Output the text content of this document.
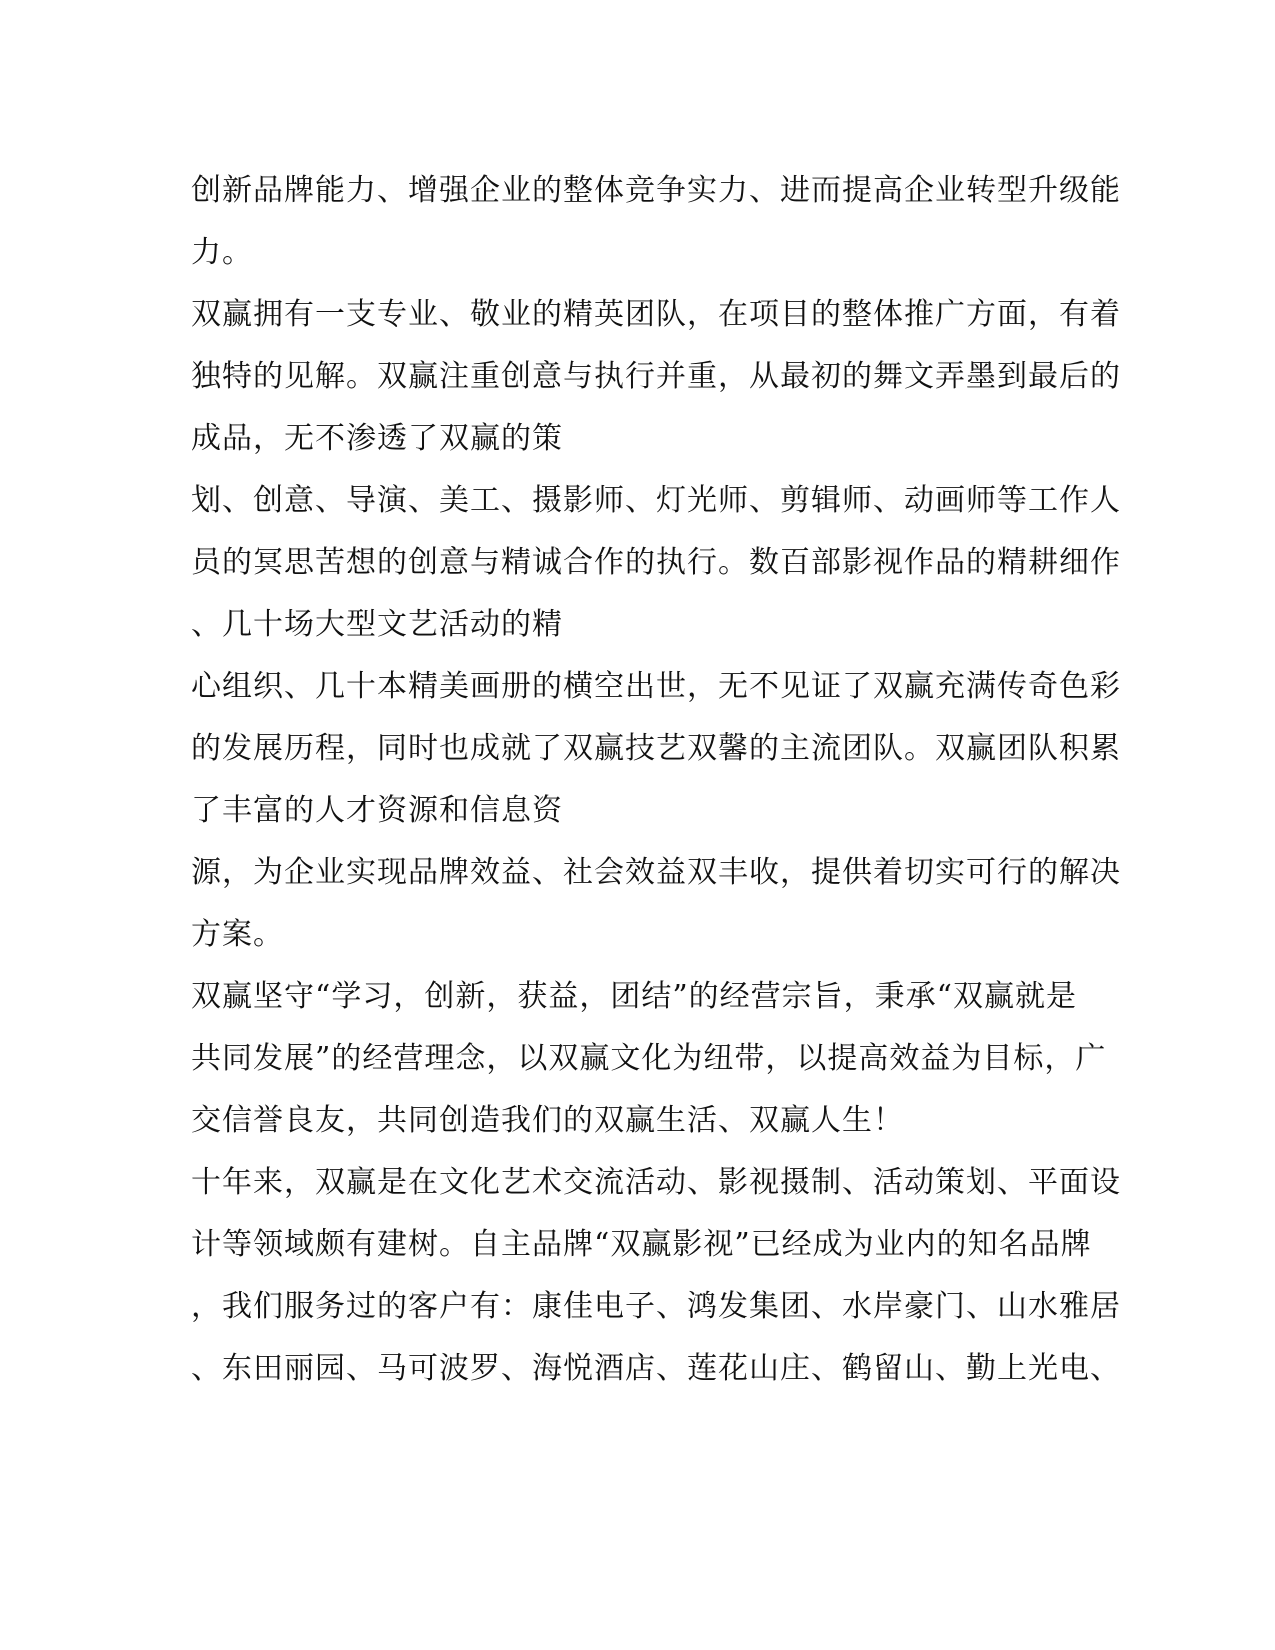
创新品牌能力、增强企业的整体竞争实力、进而提高企业转型升级能
力。
双赢拥有一支专业、敬业的精英团队，在项目的整体推广方面，有着
独特的见解。双赢注重创意与执行并重，从最初的舞文弄墨到最后的
成品，无不渗透了双赢的策
划、创意、导演、美工、摄影师、灯光师、剪辑师、动画师等工作人
员的冥思苦想的创意与精诚合作的执行。数百部影视作品的精耕细作
、几十场大型文艺活动的精
心组织、几十本精美画册的横空出世，无不见证了双赢充满传奇色彩
的发展历程，同时也成就了双赢技艺双馨的主流团队。双赢团队积累
了丰富的人才资源和信息资
源，为企业实现品牌效益、社会效益双丰收，提供着切实可行的解决
方案。
双赢坚守“学习，创新，获益，团结”的经营宗旨，秉承“双赢就是
共同发展”的经营理念，以双赢文化为纽带，以提高效益为目标，广
交信誉良友，共同创造我们的双赢生活、双赢人生！
十年来，双赢是在文化艺术交流活动、影视摄制、活动策划、平面设
计等领域颇有建树。自主品牌“双赢影视”已经成为业内的知名品牌
，我们服务过的客户有：康佳电子、鸿发集团、水岸豪门、山水雅居
、东田丽园、马可波罗、海悦酒店、莲花山庄、鹤留山、勤上光电、
